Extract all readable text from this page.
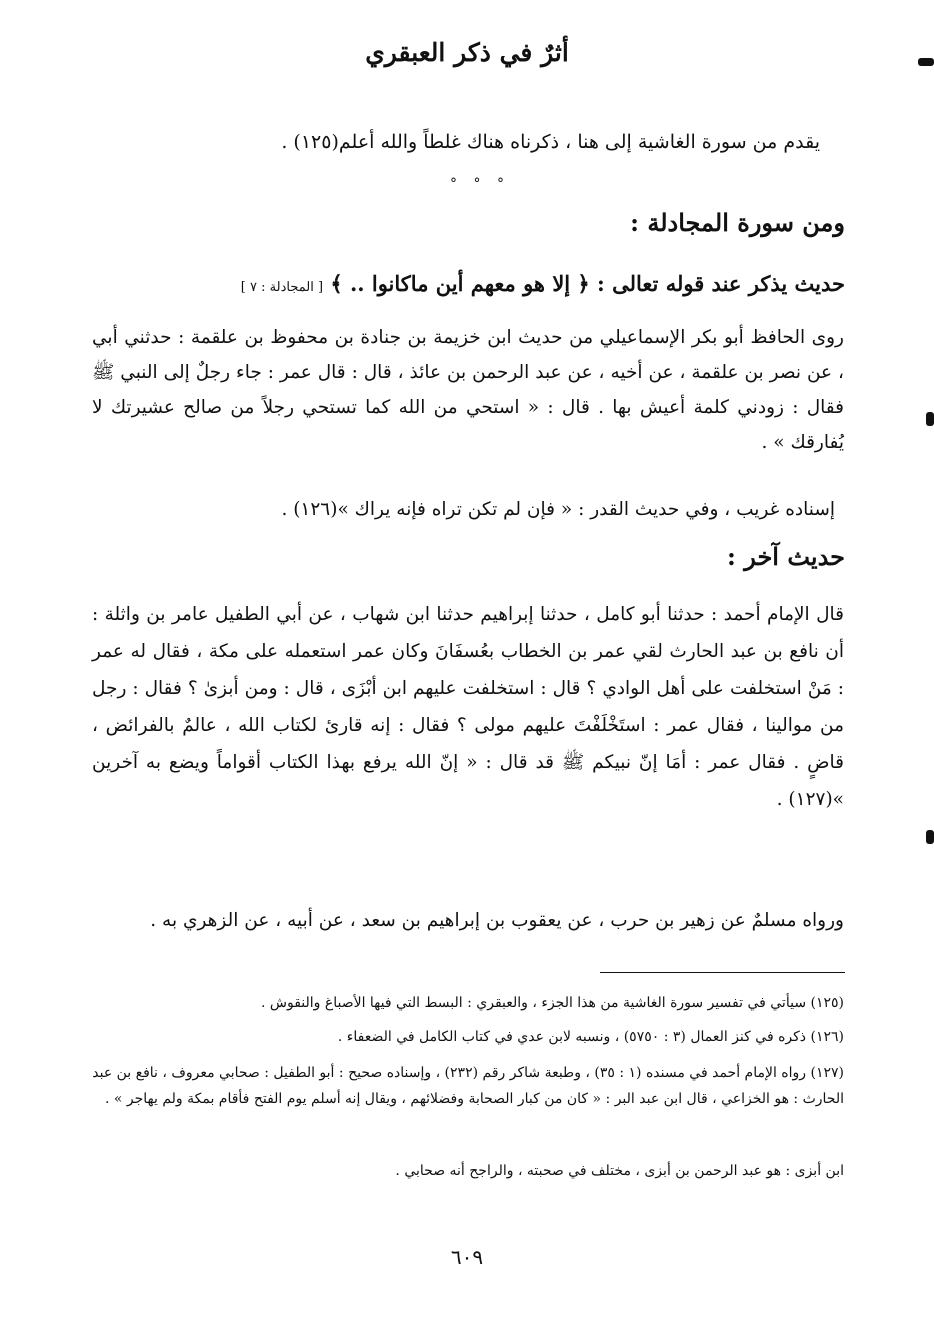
أثرٌ في ذكر العبقري
يقدم من سورة الغاشية إلى هنا ، ذكرناه هناك غلطاً والله أعلم(١٢٥) .
° ° °
ومن سورة المجادلة :
حديث يذكر عند قوله تعالى : ﴿ إلا هو معهم أين ماكانوا .. ﴾ [ المجادلة : ٧ ]
روى الحافظ أبو بكر الإسماعيلي من حديث ابن خزيمة بن جنادة بن محفوظ بن علقمة : حدثني أبي ، عن نصر بن علقمة ، عن أخيه ، عن عبد الرحمن بن عائذ ، قال : قال عمر : جاء رجلٌ إلى النبي ﷺ فقال : زودني كلمة أعيش بها . قال : « استحي من الله كما تستحي رجلاً من صالح عشيرتك لا يُفارقك » .
إسناده غريب ، وفي حديث القدر : « فإن لم تكن تراه فإنه يراك »(١٢٦) .
حديث آخر :
قال الإمام أحمد : حدثنا أبو كامل ، حدثنا إبراهيم حدثنا ابن شهاب ، عن أبي الطفيل عامر بن واثلة : أن نافع بن عبد الحارث لقي عمر بن الخطاب بعُسفَانَ وكان عمر استعمله على مكة ، فقال له عمر : مَنْ استخلفت على أهل الوادي ؟ قال : استخلفت عليهم ابن أبْزَى ، قال : ومن أبزىٰ ؟ فقال : رجل من موالينا ، فقال عمر : استَخْلَفْتَ عليهم مولى ؟ فقال : إنه قارئ لكتاب الله ، عالمٌ بالفرائض ، قاضٍ . فقال عمر : أمَا إنّ نبيكم ﷺ قد قال : « إنّ الله يرفع بهذا الكتاب أقواماً ويضع به آخرين »(١٢٧) .
ورواه مسلمٌ عن زهير بن حرب ، عن يعقوب بن إبراهيم بن سعد ، عن أبيه ، عن الزهري به .
(١٢٥) سيأتي في تفسير سورة الغاشية من هذا الجزء ، والعبقري : البسط التي فيها الأصباغ والنقوش .
(١٢٦) ذكره في كنز العمال (٣ : ٥٧٥٠) ، ونسبه لابن عدي في كتاب الكامل في الضعفاء .
(١٢٧) رواه الإمام أحمد في مسنده (١ : ٣٥) ، وطبعة شاكر رقم (٢٣٢) ، وإسناده صحيح : أبو الطفيل : صحابي معروف ، نافع بن عبد الحارث : هو الخزاعي ، قال ابن عبد البر : « كان من كبار الصحابة وفضلائهم ، ويقال إنه أسلم يوم الفتح فأقام بمكة ولم يهاجر » .
ابن أبزى : هو عبد الرحمن بن أبزى ، مختلف في صحبته ، والراجح أنه صحابي .
٦٠٩
